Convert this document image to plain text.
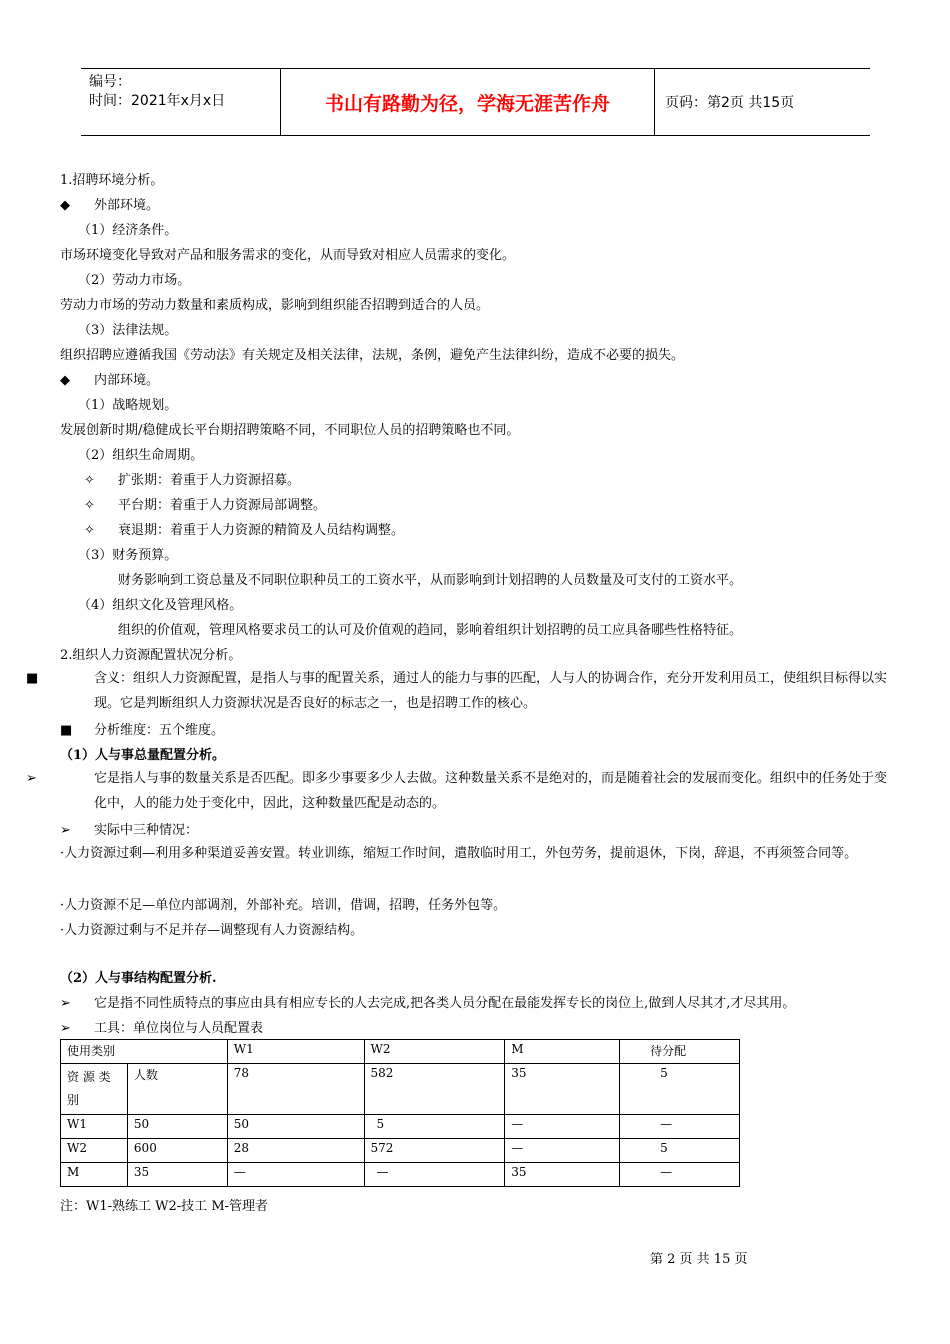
编号：
时间：2021年x月x日	书山有路勤为径，学海无涯苦作舟	页码：第2页 共15页
1.招聘环境分析。
◆ 外部环境。
（1）经济条件。
市场环境变化导致对产品和服务需求的变化，从而导致对相应人员需求的变化。
（2）劳动力市场。
劳动力市场的劳动力数量和素质构成，影响到组织能否招聘到适合的人员。
（3）法律法规。
组织招聘应遵循我国《劳动法》有关规定及相关法律，法规，条例，避免产生法律纠纷，造成不必要的损失。
◆ 内部环境。
（1）战略规划。
发展创新时期/稳健成长平台期招聘策略不同，不同职位人员的招聘策略也不同。
（2）组织生命周期。
✧ 扩张期：着重于人力资源招募。
✧ 平台期：着重于人力资源局部调整。
✧ 衰退期：着重于人力资源的精简及人员结构调整。
（3）财务预算。
财务影响到工资总量及不同职位职种员工的工资水平，从而影响到计划招聘的人员数量及可支付的工资水平。
（4）组织文化及管理风格。
组织的价值观，管理风格要求员工的认可及价值观的趋同，影响着组织计划招聘的员工应具备哪些性格特征。
2.组织人力资源配置状况分析。
■	含义：组织人力资源配置，是指人与事的配置关系，通过人的能力与事的匹配，人与人的协调合作，充分开发利用员工，使组织目标得以实现。它是判断组织人力资源状况是否良好的标志之一，也是招聘工作的核心。
■ 分析维度：五个维度。
（1）人与事总量配置分析。
➢	它是指人与事的数量关系是否匹配。即多少事要多少人去做。这种数量关系不是绝对的，而是随着社会的发展而变化。组织中的任务处于变化中，人的能力处于变化中，因此，这种数量匹配是动态的。
➢ 实际中三种情况：
·人力资源过剩—利用多种渠道妥善安置。转业训练，缩短工作时间，遣散临时用工，外包劳务，提前退休，下岗，辞退，不再须签合同等。
·人力资源不足—单位内部调剂，外部补充。培训，借调，招聘，任务外包等。
·人力资源过剩与不足并存—调整现有人力资源结构。
（2）人与事结构配置分析.
➢ 它是指不同性质特点的事应由具有相应专长的人去完成,把各类人员分配在最能发挥专长的岗位上,做到人尽其才,才尽其用。
➢ 工具：单位岗位与人员配置表
使用类别		W1	W2	M	待分配
资 源 类 别	人数	78	582	35	5
W1	50	50	5	—	—
W2	600	28	572	—	5
M	35	—	—	35	—
注：W1-熟练工 W2-技工 M-管理者
第 2 页 共 15 页
